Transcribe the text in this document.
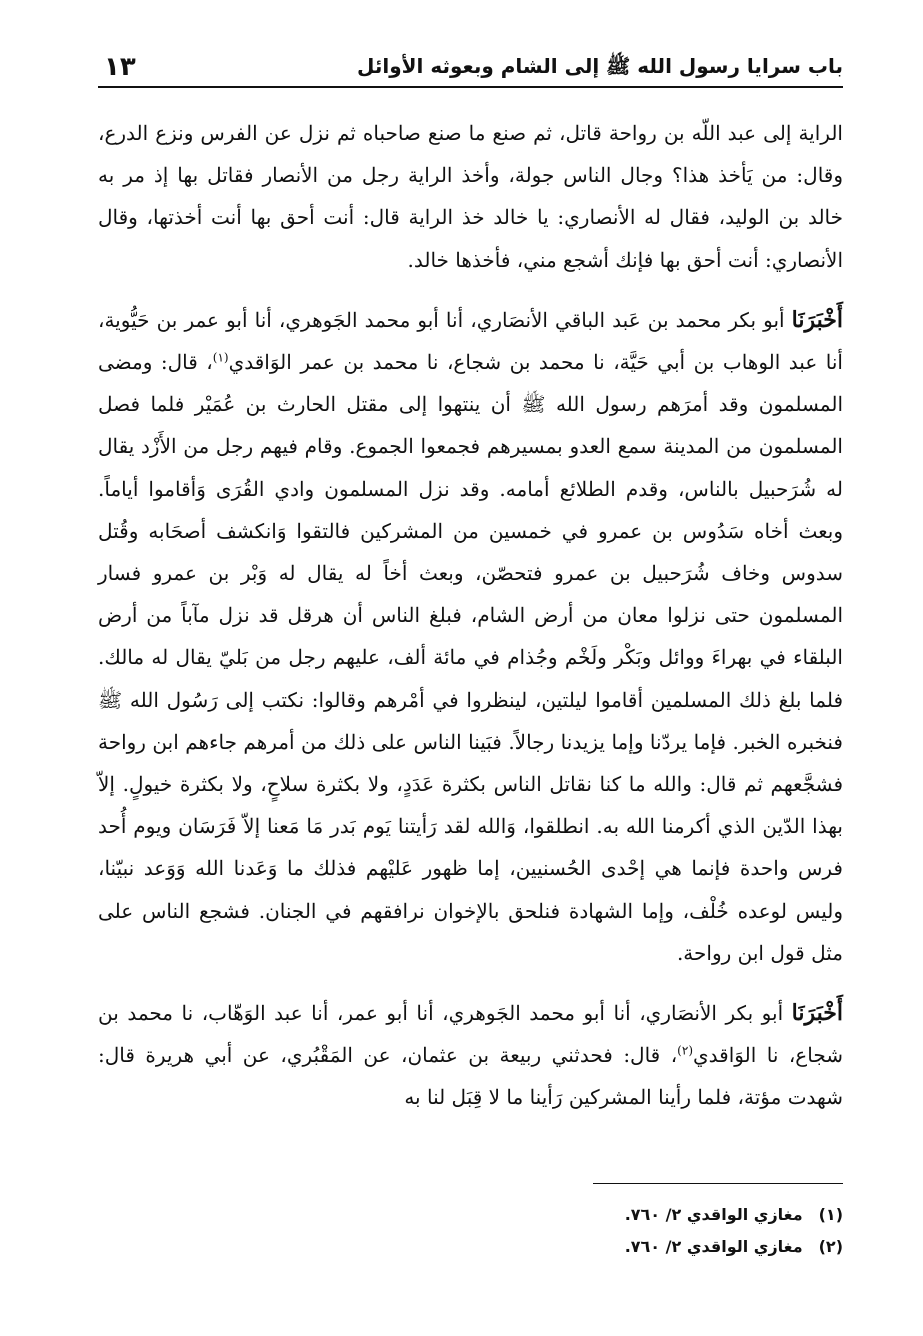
باب سرايا رسول الله ﷺ إلى الشام وبعوثه الأوائل
١٣

الراية إلى عبد اللّه بن رواحة قاتل، ثم صنع ما صنع صاحباه ثم نزل عن الفرس ونزع الدرع، وقال: من يَأخذ هذا؟ وجال الناس جولة، وأخذ الراية رجل من الأنصار فقاتل بها إذ مر به خالد بن الوليد، فقال له الأنصاري: يا خالد خذ الراية قال: أنت أحق بها أنت أخذتها، وقال الأنصاري: أنت أحق بها فإنك أشجع مني، فأخذها خالد.

أَخْبَرَنَا أبو بكر محمد بن عَبد الباقي الأنصَاري، أنا أبو محمد الجَوهري، أنا أبو عمر بن حَيُّوية، أنا عبد الوهاب بن أبي حَيَّة، نا محمد بن شجاع، نا محمد بن عمر الوَاقدي$^{(١)}$، قال: ومضى المسلمون وقد أمرَهم رسول الله ﷺ أن ينتهوا إلى مقتل الحارث بن عُمَيْر فلما فصل المسلمون من المدينة سمع العدو بمسيرهم فجمعوا الجموع. وقام فيهم رجل من الأَزْد يقال له شُرَحبيل بالناس، وقدم الطلائع أمامه. وقد نزل المسلمون وادي القُرَى وَأقاموا أياماً. وبعث أخاه سَدُوس بن عمرو في خمسين من المشركين فالتقوا وَانكشف أصحَابه وقُتل سدوس وخاف شُرَحبيل بن عمرو فتحصّن، وبعث أخاً له يقال له وَبْر بن عمرو فسار المسلمون حتى نزلوا معان من أرض الشام، فبلغ الناس أن هرقل قد نزل مآباً من أرض البلقاء في بهراءَ ووائل وبَكْر ولَخْم وجُذام في مائة ألف، عليهم رجل من بَليّ يقال له مالك. فلما بلغ ذلك المسلمين أقاموا ليلتين، لينظروا في أمْرهم وقالوا: نكتب إلى رَسُول الله ﷺ فنخبره الخبر. فإما يردّنا وإما يزيدنا رجالاً. فبَينا الناس على ذلك من أمرهم جاءهم ابن رواحة فشجَّعهم ثم قال: والله ما كنا نقاتل الناس بكثرة عَدَدٍ، ولا بكثرة سلاحٍ، ولا بكثرة خيولٍ. إلاّ بهذا الدّين الذي أكرمنا الله به. انطلقوا، وَالله لقد رَأيتنا يَوم بَدر مَا مَعنا إلاّ فَرَسَان ويوم أُحد فرس واحدة فإنما هي إحْدى الحُسنيين، إما ظهور عَليْهم فذلك ما وَعَدنا الله وَوَعد نبيّنا، وليس لوعده خُلْف، وإما الشهادة فنلحق بالإخوان نرافقهم في الجنان. فشجع الناس على مثل قول ابن رواحة.

أَخْبَرَنَا أبو بكر الأنصَاري، أنا أبو محمد الجَوهري، أنا أبو عمر، أنا عبد الوَهّاب، نا محمد بن شجاع، نا الوَاقدي$^{(٢)}$، قال: فحدثني ربيعة بن عثمان، عن المَقْبُري، عن أبي هريرة قال: شهدت مؤتة، فلما رأينا المشركين رَأينا ما لا قِبَل لنا به

(١)مغازي الواقدي ٢/ ٧٦٠.

(٢)مغازي الواقدي ٢/ ٧٦٠.
